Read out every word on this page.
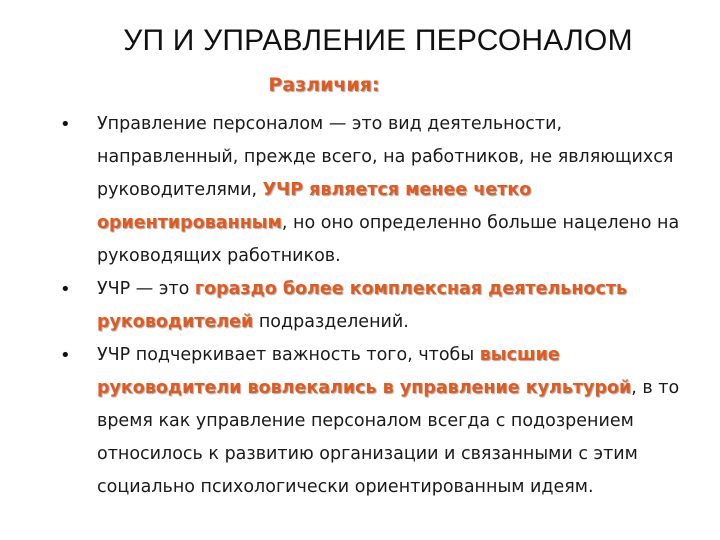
УП И УПРАВЛЕНИЕ ПЕРСОНАЛОМ
Различия:
• Управление персоналом — это вид деятельности, направленный, прежде всего, на работников, не являющихся руководителями, УЧР является менее четко ориентированным, но оно определенно больше нацелено на руководящих работников.
• УЧР — это гораздо более комплексная деятельность руководителей подразделений.
• УЧР подчеркивает важность того, чтобы высшие руководители вовлекались в управление культурой, в то время как управление персоналом всегда с подозрением относилось к развитию организации и связанными с этим социально психологически ориентированным идеям.
